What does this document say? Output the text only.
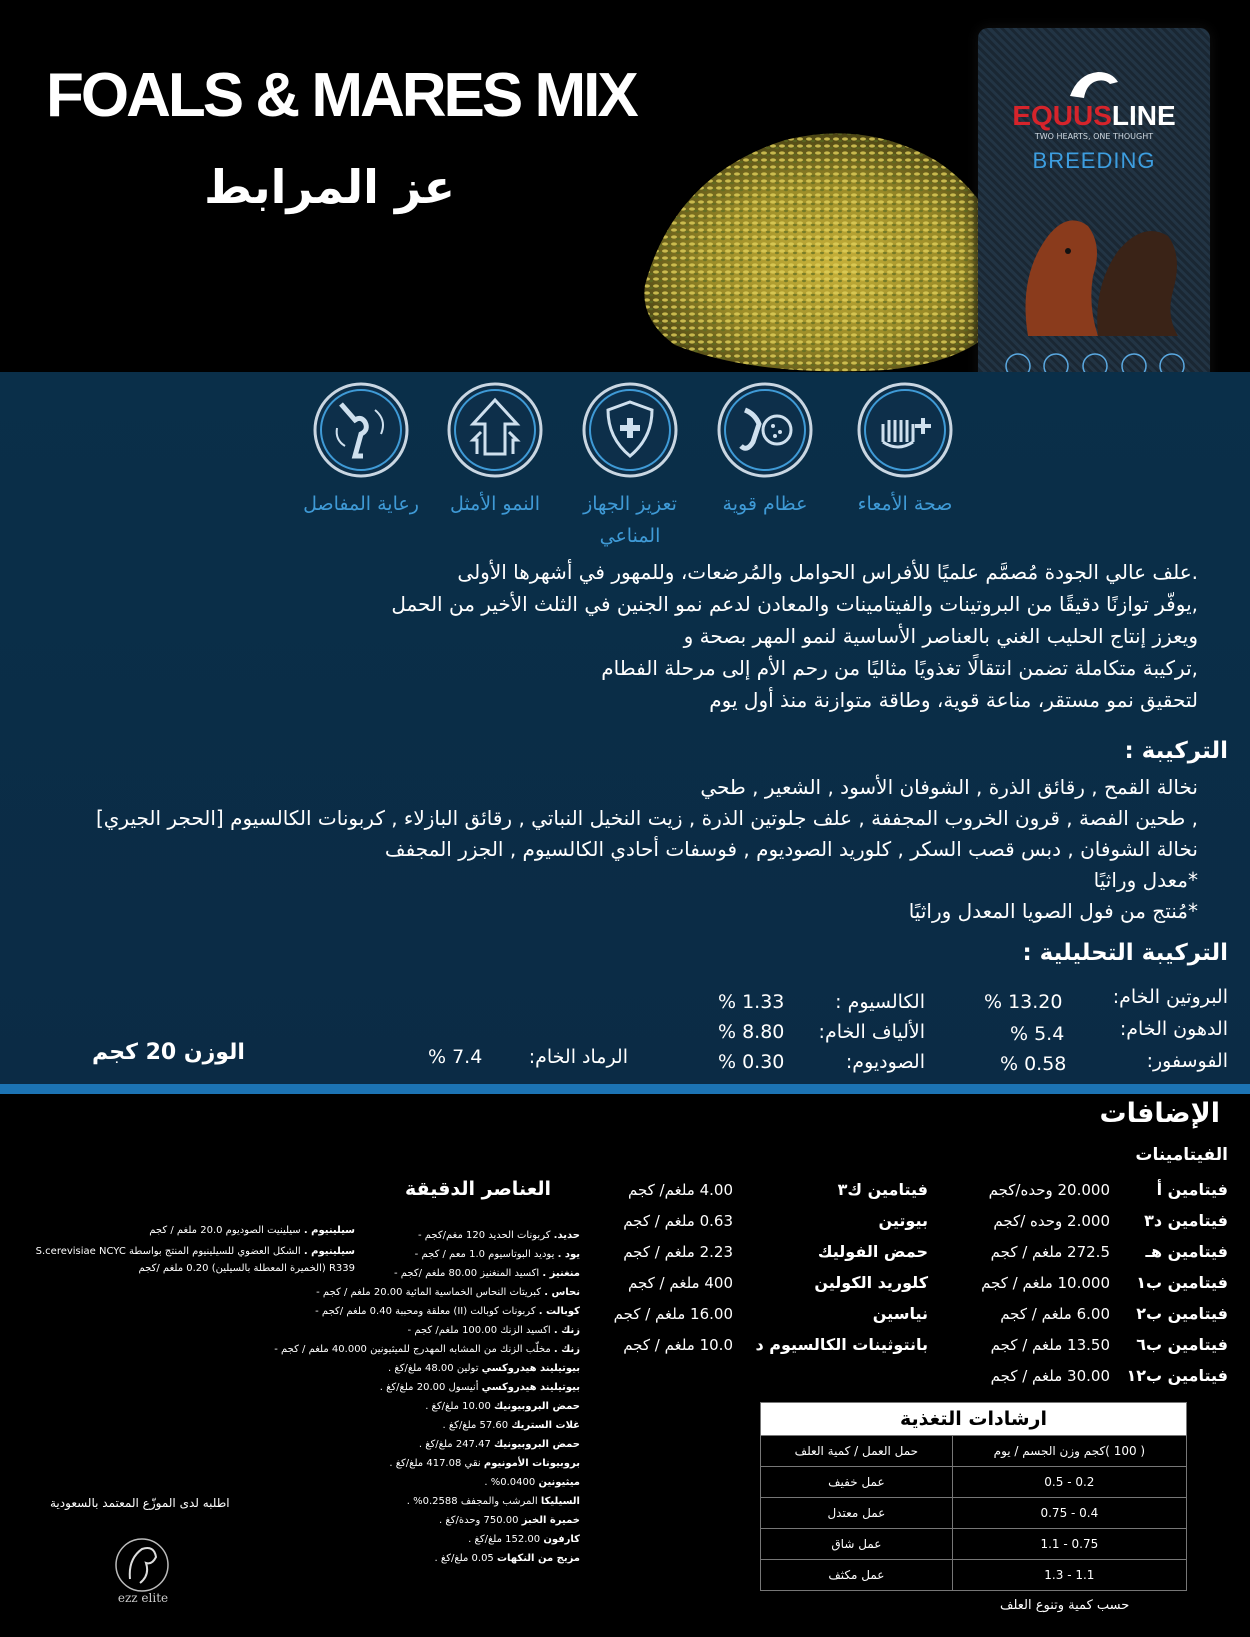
FOALS & MARES MIX
عز المرابط
EQUUSLINE
TWO HEARTS, ONE THOUGHT
BREEDING
صحة الأمعاء
عظام قوية
تعزيز الجهاز المناعي
النمو الأمثل
رعاية المفاصل
.علف عالي الجودة مُصمَّم علميًا للأفراس الحوامل والمُرضعات، وللمهور في أشهرها الأولى
,يوفّر توازنًا دقيقًا من البروتينات والفيتامينات والمعادن لدعم نمو الجنين في الثلث الأخير من الحمل
ويعزز إنتاج الحليب الغني بالعناصر الأساسية لنمو المهر بصحة و
,تركيبة متكاملة تضمن انتقالًا تغذويًا مثاليًا من رحم الأم إلى مرحلة الفطام
لتحقيق نمو مستقر، مناعة قوية، وطاقة متوازنة منذ أول يوم
التركيبة :
نخالة القمح , رقائق الذرة , الشوفان الأسود , الشعير , طحي
, طحين الفصة , قرون الخروب المجففة , علف جلوتين الذرة , زيت النخيل النباتي , رقائق البازلاء , كربونات الكالسيوم [الحجر الجيري]
نخالة الشوفان , دبس قصب السكر , كلوريد الصوديوم , فوسفات أحادي الكالسيوم , الجزر المجفف
*معدل وراثيًا
*مُنتج من فول الصويا المعدل وراثيًا
التركيبة التحليلية :
البروتين الخام:
13.20 %
الدهون الخام:
5.4 %
الفوسفور:
0.58 %
الكالسيوم :
1.33 %
الألياف الخام:
8.80 %
الصوديوم:
0.30 %
الرماد الخام:
7.4 %
الوزن 20 كجم
الإضافات
الفيتامينات
فيتامين أ
20.000 وحده/كجم
فيتامين د٣
2.000 وحده /كجم
فيتامين هـ
272.5 ملغم / كجم
فيتامين ب١
10.000 ملغم / كجم
فيتامين ب٢
6.00 ملغم / كجم
فيتامين ب٦
13.50 ملغم / كجم
فيتامين ب١٢
30.00 ملغم / كجم
فيتامين ك٣
4.00 ملغم/ كجم
بيوتين
0.63 ملغم / كجم
حمض الفوليك
2.23 ملغم / كجم
كلوريد الكولين
400 ملغم / كجم
نياسين
16.00 ملغم / كجم
بانتوثينات الكالسيوم د
10.0 ملغم / كجم
العناصر الدقيقة
حديد. كربونات الحديد 120 مغم/كجم -
يود . يوديد البوتاسيوم 1.0 معم / كجم -
منغنيز . اكسيد المنغنيز 80.00 ملغم /كجم -
نحاس . كبريتات النحاس الخماسية المائية 20.00 ملغم / كجم -
كوبالت . كربونات كوبالت (II) معلقة ومحببة 0.40 ملغم /كجم -
زنك . اكسيد الزنك 100.00 ملغم/ كجم -
زنك . مخلّب الزنك من المشابه المهدرج للميثيونين 40.000 ملغم / كجم -
بيوتيليند هيدروكسي تولين 48.00 ملغ/كغ .
بيوتيليند هيدروكسي أنيسول 20.00 ملغ/كغ .
حمض البروبيونيك 10.00 ملغ/كغ .
غلات الستريك 57.60 ملغ/كغ .
حمض البروبيونيك 247.47 ملغ/كغ .
بروبيونات الأمونيوم نقي 417.08 ملغ/كغ .
ميثيونين 0.0400% .
السيليكا المرشب والمجفف 0.2588% .
خميرة الخبز 750.00 وحدة/كغ .
كارفون 152.00 ملغ/كغ .
مزيج من النكهات 0.05 ملغ/كغ .
سيلينيوم . سيلينيت الصوديوم 20.0 ملغم / كجم
سيلينيوم . الشكل العضوي للسيلينيوم المنتج بواسطة S.cerevisiae NCYC
R339 (الخميرة المعطلة بالسيلين) 0.20 ملغم /كجم
ارشادات التغذية	
حمل العمل / كمية العلف	( 100 )كجم وزن الجسم / يوم
عمل خفيف	0.2 - 0.5
عمل معتدل	0.4 - 0.75
عمل شاق	0.75 - 1.1
عمل مكثف	1.1 - 1.3
حسب كمية وتنوع العلف
اطلبه لدى الموزّع المعتمد بالسعودية
ezz elite
